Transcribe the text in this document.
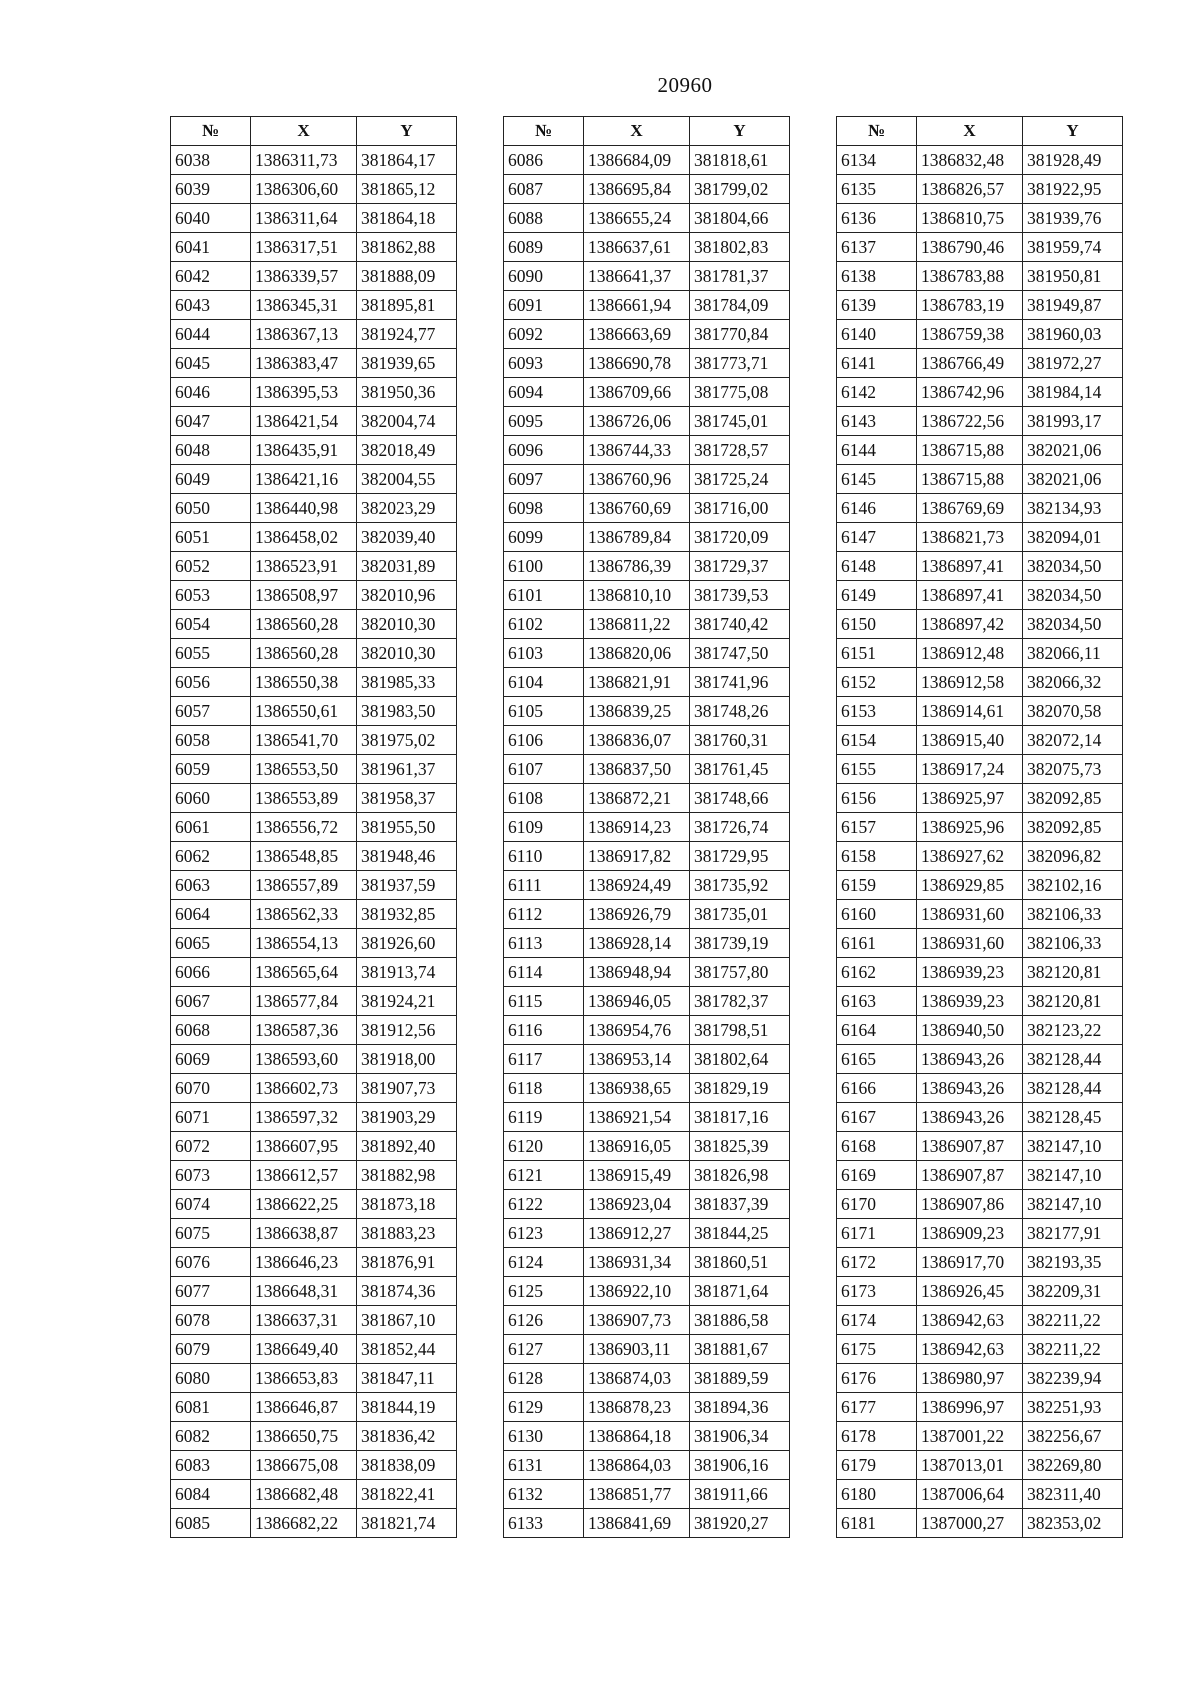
20960
№	X	Y
6038	1386311,73	381864,17
6039	1386306,60	381865,12
6040	1386311,64	381864,18
6041	1386317,51	381862,88
6042	1386339,57	381888,09
6043	1386345,31	381895,81
6044	1386367,13	381924,77
6045	1386383,47	381939,65
6046	1386395,53	381950,36
6047	1386421,54	382004,74
6048	1386435,91	382018,49
6049	1386421,16	382004,55
6050	1386440,98	382023,29
6051	1386458,02	382039,40
6052	1386523,91	382031,89
6053	1386508,97	382010,96
6054	1386560,28	382010,30
6055	1386560,28	382010,30
6056	1386550,38	381985,33
6057	1386550,61	381983,50
6058	1386541,70	381975,02
6059	1386553,50	381961,37
6060	1386553,89	381958,37
6061	1386556,72	381955,50
6062	1386548,85	381948,46
6063	1386557,89	381937,59
6064	1386562,33	381932,85
6065	1386554,13	381926,60
6066	1386565,64	381913,74
6067	1386577,84	381924,21
6068	1386587,36	381912,56
6069	1386593,60	381918,00
6070	1386602,73	381907,73
6071	1386597,32	381903,29
6072	1386607,95	381892,40
6073	1386612,57	381882,98
6074	1386622,25	381873,18
6075	1386638,87	381883,23
6076	1386646,23	381876,91
6077	1386648,31	381874,36
6078	1386637,31	381867,10
6079	1386649,40	381852,44
6080	1386653,83	381847,11
6081	1386646,87	381844,19
6082	1386650,75	381836,42
6083	1386675,08	381838,09
6084	1386682,48	381822,41
6085	1386682,22	381821,74
№	X	Y
6086	1386684,09	381818,61
6087	1386695,84	381799,02
6088	1386655,24	381804,66
6089	1386637,61	381802,83
6090	1386641,37	381781,37
6091	1386661,94	381784,09
6092	1386663,69	381770,84
6093	1386690,78	381773,71
6094	1386709,66	381775,08
6095	1386726,06	381745,01
6096	1386744,33	381728,57
6097	1386760,96	381725,24
6098	1386760,69	381716,00
6099	1386789,84	381720,09
6100	1386786,39	381729,37
6101	1386810,10	381739,53
6102	1386811,22	381740,42
6103	1386820,06	381747,50
6104	1386821,91	381741,96
6105	1386839,25	381748,26
6106	1386836,07	381760,31
6107	1386837,50	381761,45
6108	1386872,21	381748,66
6109	1386914,23	381726,74
6110	1386917,82	381729,95
6111	1386924,49	381735,92
6112	1386926,79	381735,01
6113	1386928,14	381739,19
6114	1386948,94	381757,80
6115	1386946,05	381782,37
6116	1386954,76	381798,51
6117	1386953,14	381802,64
6118	1386938,65	381829,19
6119	1386921,54	381817,16
6120	1386916,05	381825,39
6121	1386915,49	381826,98
6122	1386923,04	381837,39
6123	1386912,27	381844,25
6124	1386931,34	381860,51
6125	1386922,10	381871,64
6126	1386907,73	381886,58
6127	1386903,11	381881,67
6128	1386874,03	381889,59
6129	1386878,23	381894,36
6130	1386864,18	381906,34
6131	1386864,03	381906,16
6132	1386851,77	381911,66
6133	1386841,69	381920,27
№	X	Y
6134	1386832,48	381928,49
6135	1386826,57	381922,95
6136	1386810,75	381939,76
6137	1386790,46	381959,74
6138	1386783,88	381950,81
6139	1386783,19	381949,87
6140	1386759,38	381960,03
6141	1386766,49	381972,27
6142	1386742,96	381984,14
6143	1386722,56	381993,17
6144	1386715,88	382021,06
6145	1386715,88	382021,06
6146	1386769,69	382134,93
6147	1386821,73	382094,01
6148	1386897,41	382034,50
6149	1386897,41	382034,50
6150	1386897,42	382034,50
6151	1386912,48	382066,11
6152	1386912,58	382066,32
6153	1386914,61	382070,58
6154	1386915,40	382072,14
6155	1386917,24	382075,73
6156	1386925,97	382092,85
6157	1386925,96	382092,85
6158	1386927,62	382096,82
6159	1386929,85	382102,16
6160	1386931,60	382106,33
6161	1386931,60	382106,33
6162	1386939,23	382120,81
6163	1386939,23	382120,81
6164	1386940,50	382123,22
6165	1386943,26	382128,44
6166	1386943,26	382128,44
6167	1386943,26	382128,45
6168	1386907,87	382147,10
6169	1386907,87	382147,10
6170	1386907,86	382147,10
6171	1386909,23	382177,91
6172	1386917,70	382193,35
6173	1386926,45	382209,31
6174	1386942,63	382211,22
6175	1386942,63	382211,22
6176	1386980,97	382239,94
6177	1386996,97	382251,93
6178	1387001,22	382256,67
6179	1387013,01	382269,80
6180	1387006,64	382311,40
6181	1387000,27	382353,02
